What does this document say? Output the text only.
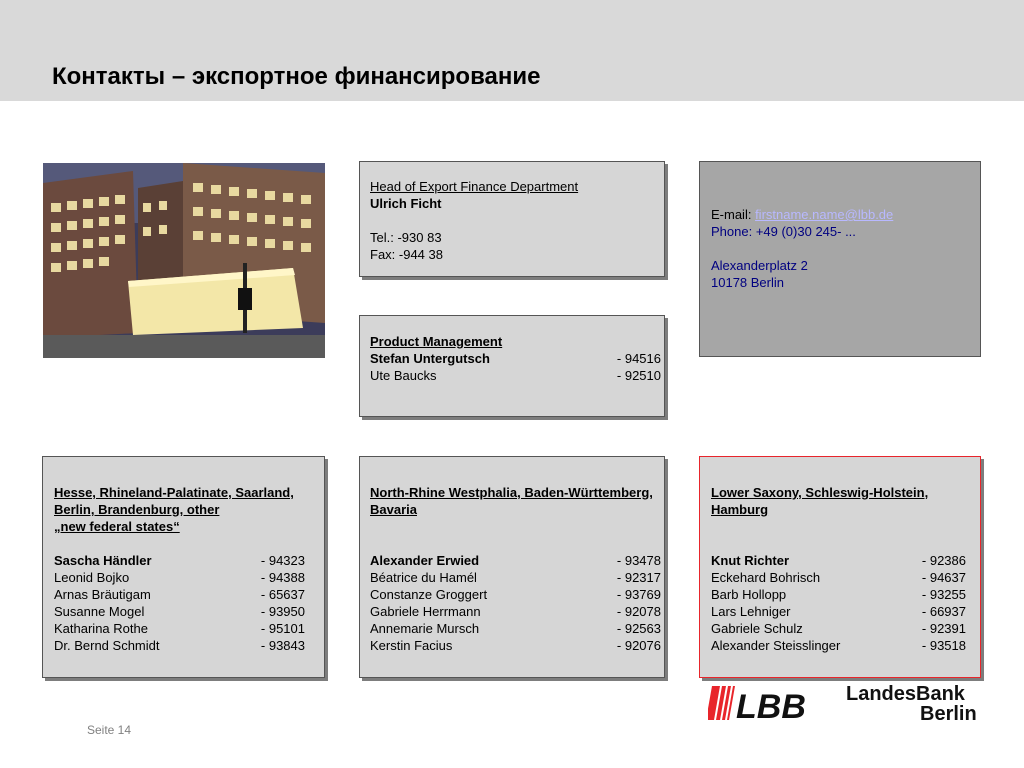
Контакты – экспортное финансирование
Head of Export Finance Department
Ulrich Ficht
Tel.: -930 83
Fax: -944 38
E-mail: firstname.name@lbb.de
Phone: +49 (0)30 245- ...
Alexanderplatz 2
10178 Berlin
Product Management
Stefan Untergutsch	- 94516
Ute Baucks	- 92510
Hesse, Rhineland-Palatinate, Saarland,
Berlin, Brandenburg, other
„new federal states“
Sascha Händler	- 94323
Leonid Bojko	- 94388
Arnas Bräutigam	- 65637
Susanne Mogel	- 93950
Katharina Rothe	- 95101
Dr. Bernd Schmidt	- 93843
North-Rhine Westphalia, Baden-Württemberg,
Bavaria
Alexander Erwied	- 93478
Béatrice du Hamél	- 92317
Constanze Groggert	- 93769
Gabriele Herrmann	- 92078
Annemarie Mursch	- 92563
Kerstin Facius	- 92076
Lower Saxony, Schleswig-Holstein,
Hamburg
Knut Richter	- 92386
Eckehard Bohrisch	- 94637
Barb Hollopp	- 93255
Lars Lehniger	- 66937
Gabriele Schulz	- 92391
Alexander Steisslinger	- 93518
LBB LandesBank
Berlin
Seite 14
